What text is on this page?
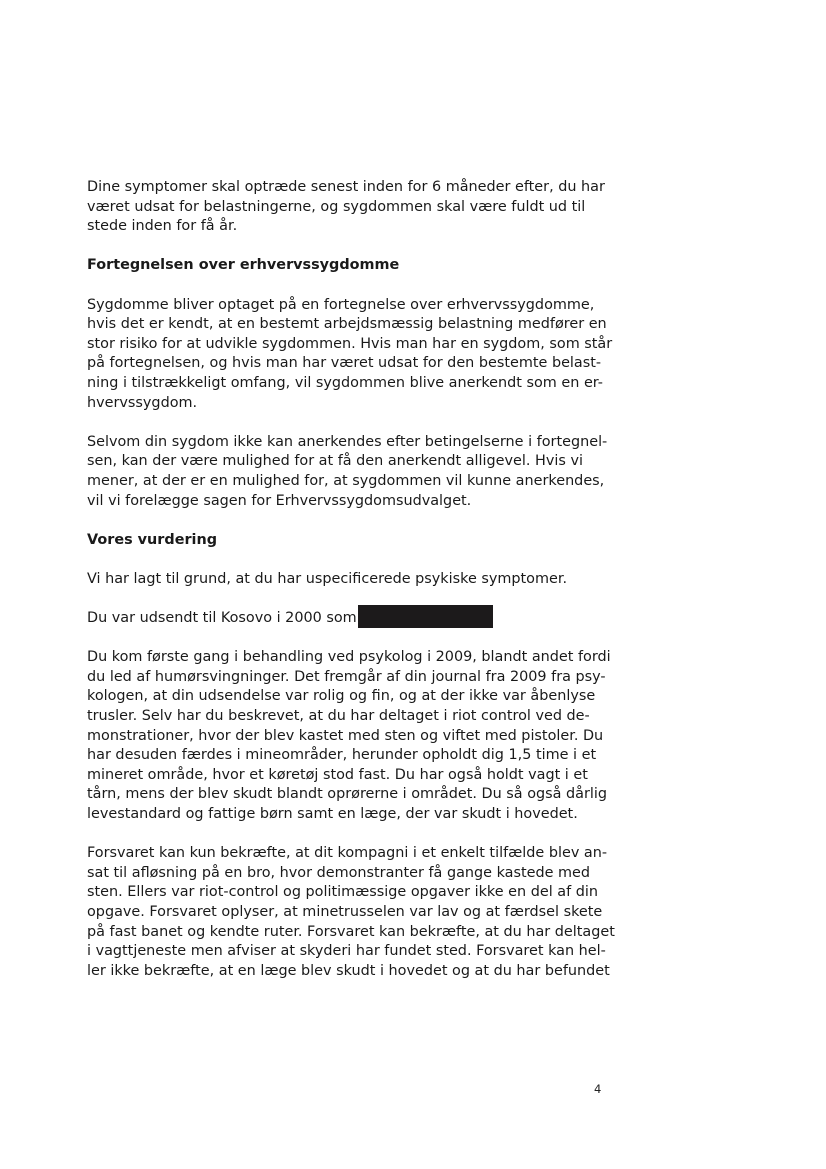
Dine symptomer skal optræde senest inden for 6 måneder efter, du har
været udsat for belastningerne, og sygdommen skal være fuldt ud til
stede inden for få år.

Fortegnelsen over erhvervssygdomme

Sygdomme bliver optaget på en fortegnelse over erhvervssygdomme,
hvis det er kendt, at en bestemt arbejdsmæssig belastning medfører en
stor risiko for at udvikle sygdommen. Hvis man har en sygdom, som står
på fortegnelsen, og hvis man har været udsat for den bestemte belast-
ning i tilstrækkeligt omfang, vil sygdommen blive anerkendt som en er-
hvervssygdom.

Selvom din sygdom ikke kan anerkendes efter betingelserne i fortegnel-
sen, kan der være mulighed for at få den anerkendt alligevel. Hvis vi
mener, at der er en mulighed for, at sygdommen vil kunne anerkendes,
vil vi forelægge sagen for Erhvervssygdomsudvalget.

Vores vurdering

Vi har lagt til grund, at du har uspecificerede psykiske symptomer.

Du var udsendt til Kosovo i 2000 som

Du kom første gang i behandling ved psykolog i 2009, blandt andet fordi
du led af humørsvingninger. Det fremgår af din journal fra 2009 fra psy-
kologen, at din udsendelse var rolig og fin, og at der ikke var åbenlyse
trusler. Selv har du beskrevet, at du har deltaget i riot control ved de-
monstrationer, hvor der blev kastet med sten og viftet med pistoler. Du
har desuden færdes i mineområder, herunder opholdt dig 1,5 time i et
mineret område, hvor et køretøj stod fast. Du har også holdt vagt i et
tårn, mens der blev skudt blandt oprørerne i området. Du så også dårlig
levestandard og fattige børn samt en læge, der var skudt i hovedet.

Forsvaret kan kun bekræfte, at dit kompagni i et enkelt tilfælde blev an-
sat til afløsning på en bro, hvor demonstranter få gange kastede med
sten. Ellers var riot-control og politimæssige opgaver ikke en del af din
opgave. Forsvaret oplyser, at minetrusselen var lav og at færdsel skete
på fast banet og kendte ruter. Forsvaret kan bekræfte, at du har deltaget
i vagttjeneste men afviser at skyderi har fundet sted. Forsvaret kan hel-
ler ikke bekræfte, at en læge blev skudt i hovedet og at du har befundet

4
